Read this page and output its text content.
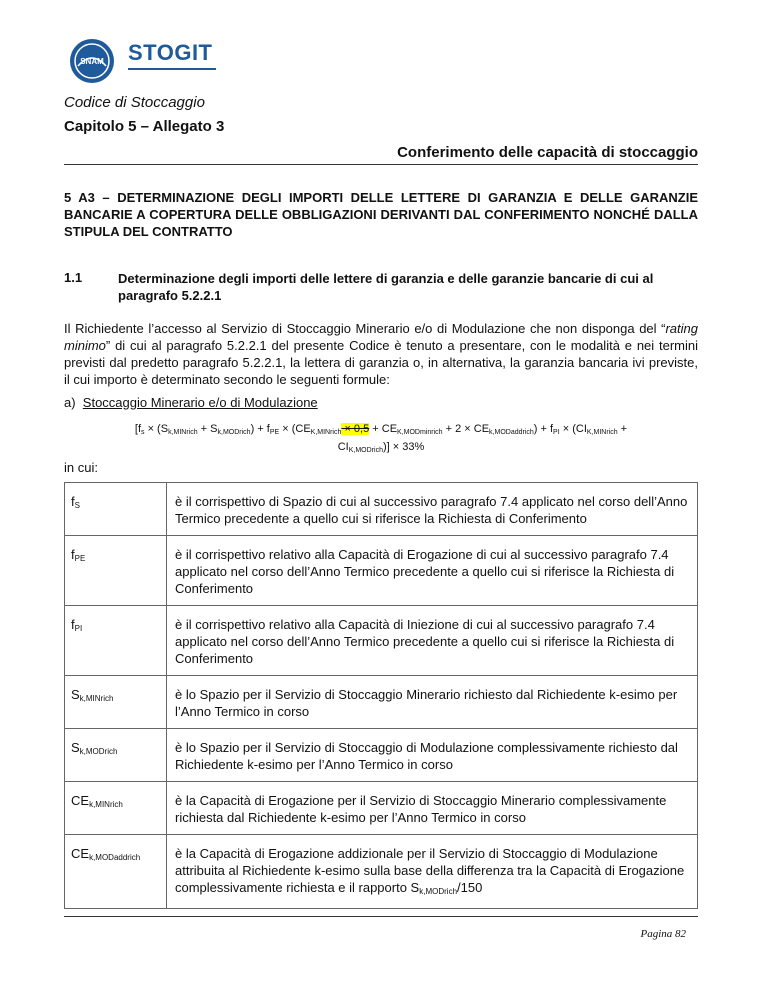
SNAM STOGIT
Codice di Stoccaggio
Capitolo 5 – Allegato 3
Conferimento delle capacità di stoccaggio
5 A3 – DETERMINAZIONE DEGLI IMPORTI DELLE LETTERE DI GARANZIA E DELLE GARANZIE BANCARIE A COPERTURA DELLE OBBLIGAZIONI DERIVANTI DAL CONFERIMENTO NONCHÉ DALLA STIPULA DEL CONTRATTO
1.1	Determinazione degli importi delle lettere di garanzia e delle garanzie bancarie di cui al paragrafo 5.2.2.1
Il Richiedente l’accesso al Servizio di Stoccaggio Minerario e/o di Modulazione che non disponga del “rating minimo” di cui al paragrafo 5.2.2.1 del presente Codice è tenuto a presentare, con le modalità e nei termini previsti dal predetto paragrafo 5.2.2.1, la lettera di garanzia o, in alternativa, la garanzia bancaria ivi previste, il cui importo è determinato secondo le seguenti formule:
a) Stoccaggio Minerario e/o di Modulazione
[$f_s \times (S_{k,MINrich} + S_{k,MODrich}) + f_{PE} \times (CE_{K,MINrich} \times 0,5 + CE_{K,MODminrich} + 2 \times CE_{k,MODaddrich}) + f_{PI} \times (CI_{K,MINrich}$ +
$CI_{K,MODrich})] \times 33\%$
in cui:
$f_S$	è il corrispettivo di Spazio di cui al successivo paragrafo 7.4 applicato nel corso dell’Anno Termico precedente a quello cui si riferisce la Richiesta di Conferimento
$f_{PE}$	è il corrispettivo relativo alla Capacità di Erogazione di cui al successivo paragrafo 7.4 applicato nel corso dell’Anno Termico precedente a quello cui si riferisce la Richiesta di Conferimento
$f_{PI}$	è il corrispettivo relativo alla Capacità di Iniezione di cui al successivo paragrafo 7.4 applicato nel corso dell’Anno Termico precedente a quello cui si riferisce la Richiesta di Conferimento
$S_{k,MINrich}$	è lo Spazio per il Servizio di Stoccaggio Minerario richiesto dal Richiedente k-esimo per l’Anno Termico in corso
$S_{k,MODrich}$	è lo Spazio per il Servizio di Stoccaggio di Modulazione complessivamente richiesto dal Richiedente k-esimo per l’Anno Termico in corso
$CE_{k,MINrich}$	è la Capacità di Erogazione per il Servizio di Stoccaggio Minerario complessivamente richiesta dal Richiedente k-esimo per l’Anno Termico in corso
$CE_{k,MODaddrich}$	è la Capacità di Erogazione addizionale per il Servizio di Stoccaggio di Modulazione attribuita al Richiedente k-esimo sulla base della differenza tra la Capacità di Erogazione complessivamente richiesta e il rapporto $S_{k,MODrich}/150$
Pagina 82
